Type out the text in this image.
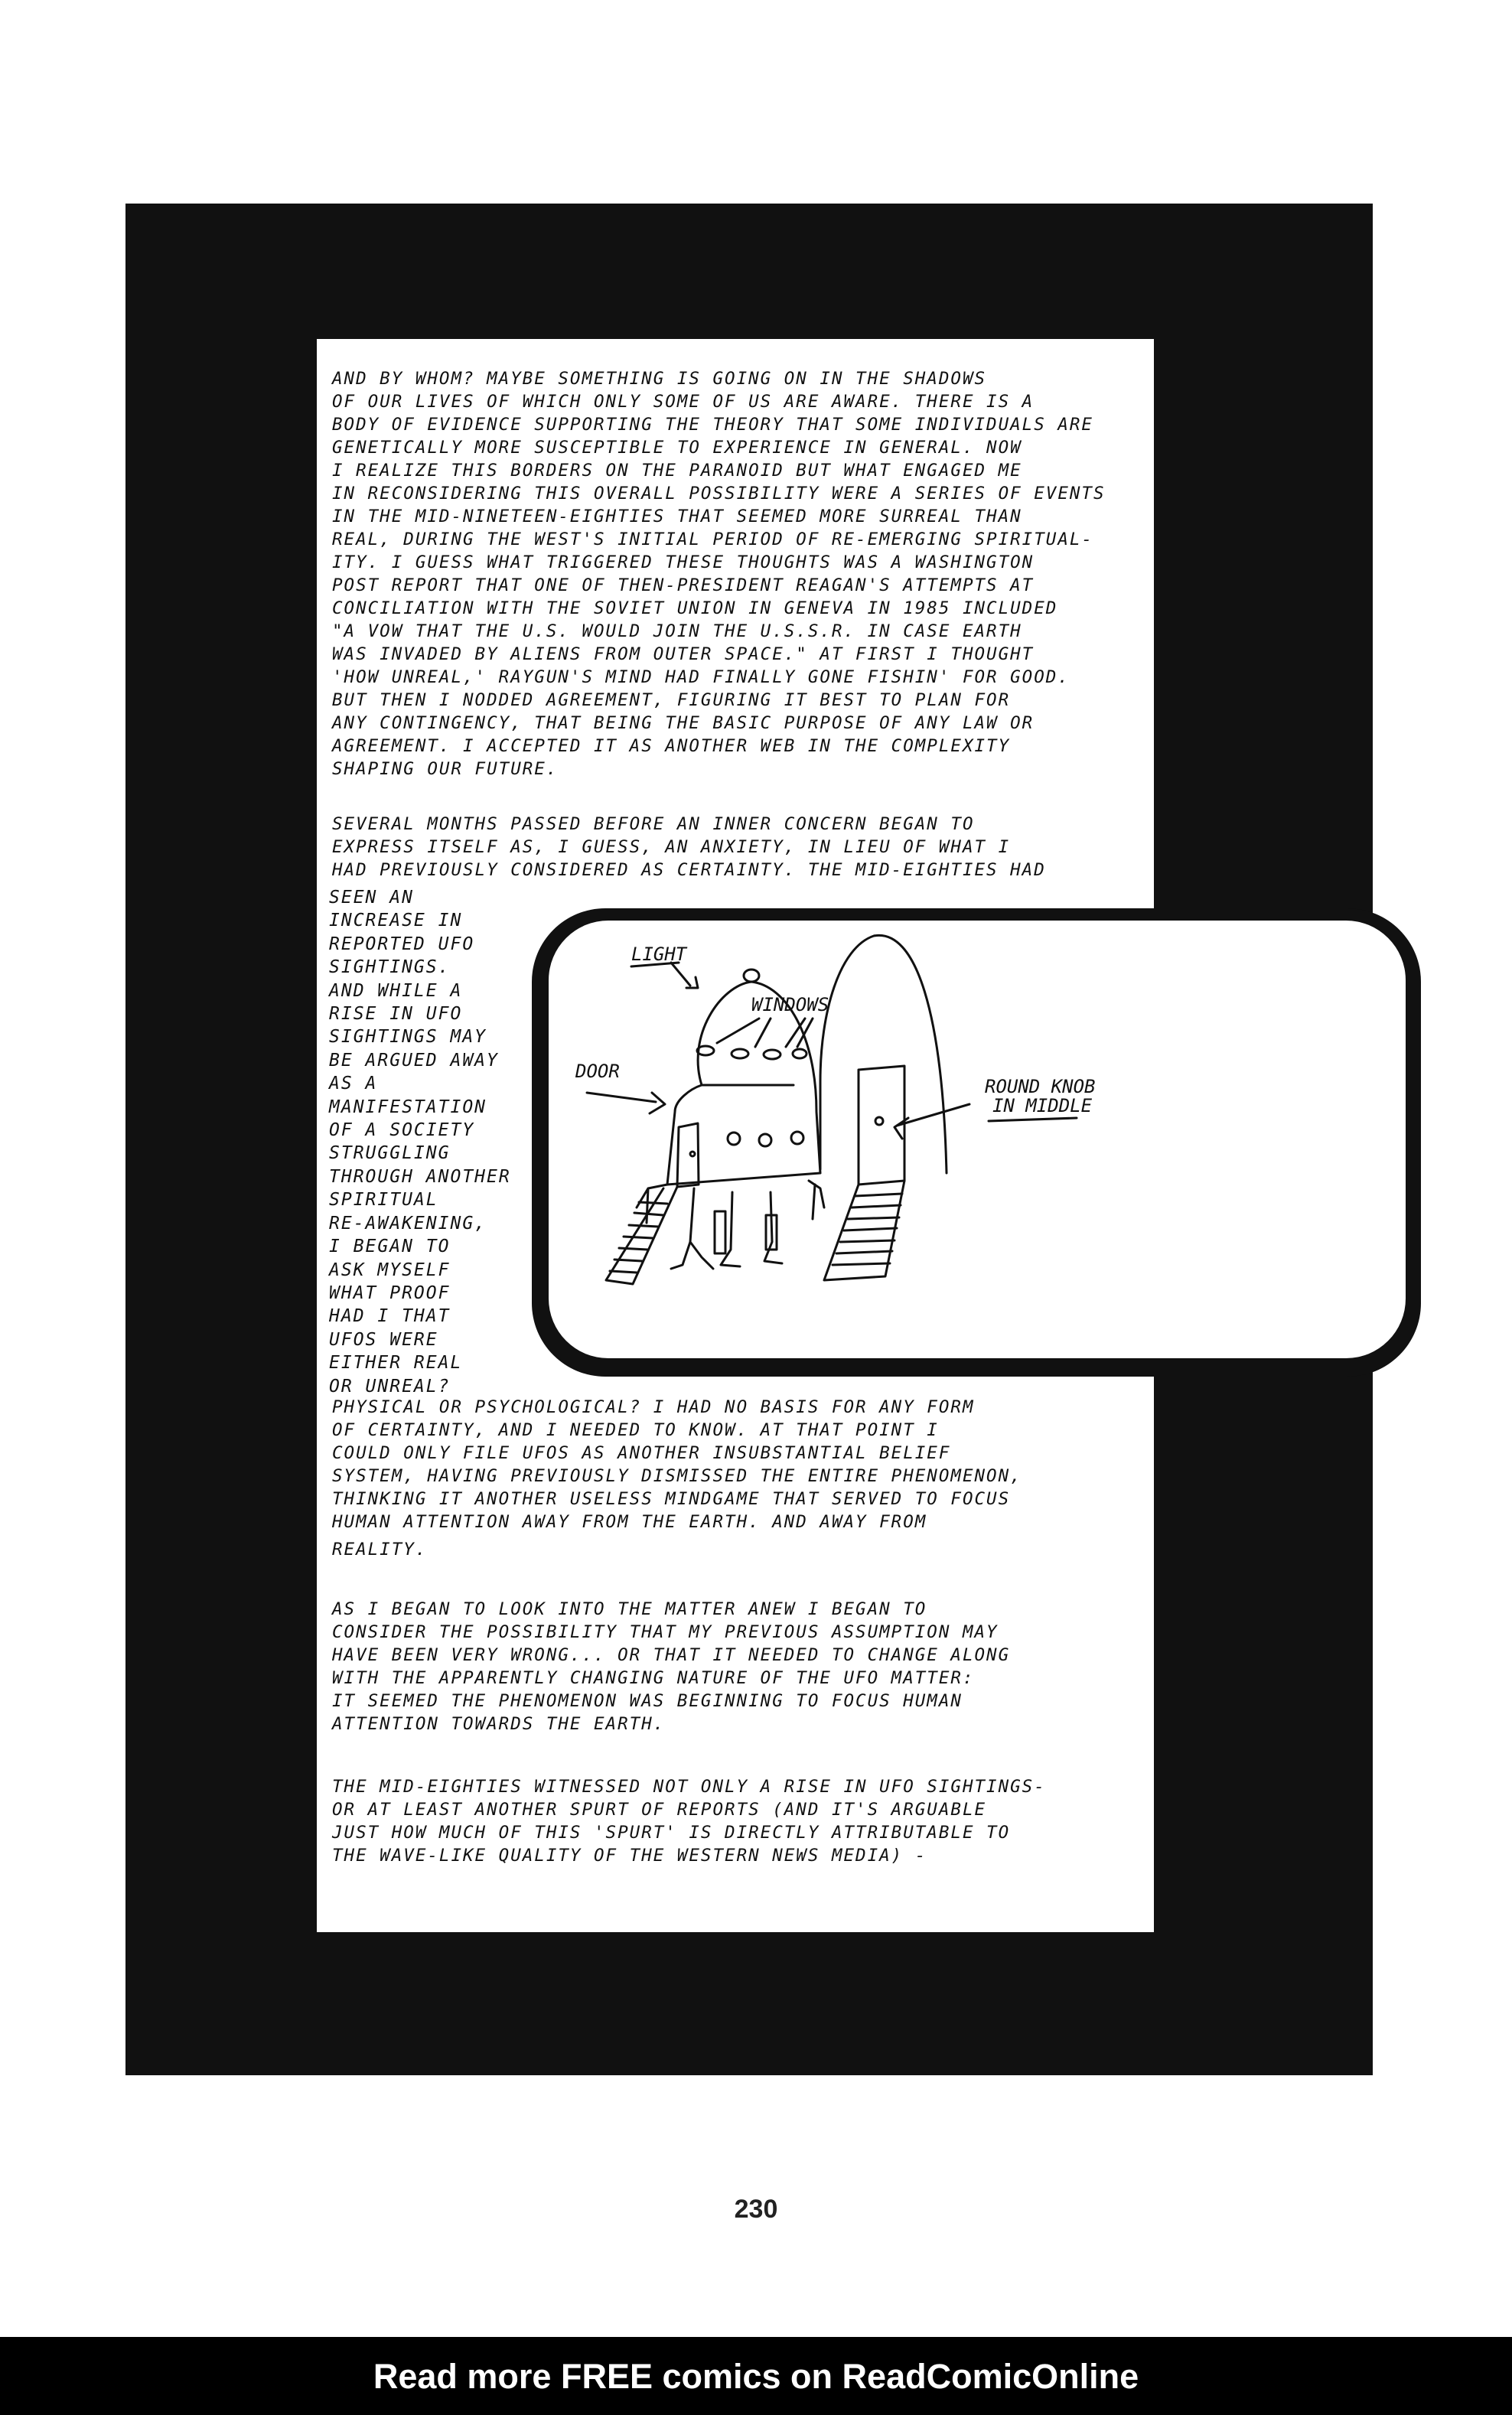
AND BY WHOM? MAYBE SOMETHING IS GOING ON IN THE SHADOWS

OF OUR LIVES OF WHICH ONLY SOME OF US ARE AWARE. THERE IS A

BODY OF EVIDENCE SUPPORTING THE THEORY THAT SOME INDIVIDUALS ARE

GENETICALLY MORE SUSCEPTIBLE TO EXPERIENCE IN GENERAL. NOW

I REALIZE THIS BORDERS ON THE PARANOID BUT WHAT ENGAGED ME

IN RECONSIDERING THIS OVERALL POSSIBILITY WERE A SERIES OF EVENTS

IN THE MID-NINETEEN-EIGHTIES THAT SEEMED MORE SURREAL THAN

REAL, DURING THE WEST'S INITIAL PERIOD OF RE-EMERGING SPIRITUAL-

ITY. I GUESS WHAT TRIGGERED THESE THOUGHTS WAS A WASHINGTON

POST REPORT THAT ONE OF THEN-PRESIDENT REAGAN'S ATTEMPTS AT

CONCILIATION WITH THE SOVIET UNION IN GENEVA IN 1985 INCLUDED

"A VOW THAT THE U.S. WOULD JOIN THE U.S.S.R. IN CASE EARTH

WAS INVADED BY ALIENS FROM OUTER SPACE." AT FIRST I THOUGHT

'HOW UNREAL,' RAYGUN'S MIND HAD FINALLY GONE FISHIN' FOR GOOD.

BUT THEN I NODDED AGREEMENT, FIGURING IT BEST TO PLAN FOR

ANY CONTINGENCY, THAT BEING THE BASIC PURPOSE OF ANY LAW OR

AGREEMENT. I ACCEPTED IT AS ANOTHER WEB IN THE COMPLEXITY

SHAPING OUR FUTURE.

SEVERAL MONTHS PASSED BEFORE AN INNER CONCERN BEGAN TO

EXPRESS ITSELF AS, I GUESS, AN ANXIETY, IN LIEU OF WHAT I

HAD PREVIOUSLY CONSIDERED AS CERTAINTY. THE MID-EIGHTIES HAD

SEEN AN
INCREASE IN
REPORTED UFO
SIGHTINGS.
AND WHILE A
RISE IN UFO
SIGHTINGS MAY
BE ARGUED AWAY
AS A
MANIFESTATION
OF A SOCIETY
STRUGGLING
THROUGH ANOTHER
SPIRITUAL
RE-AWAKENING,
I BEGAN TO
ASK MYSELF
WHAT PROOF
HAD I THAT
UFOS WERE
EITHER REAL
OR UNREAL?
LIGHT
WINDOWS
DOOR
ROUND KNOB
IN MIDDLE

PHYSICAL OR PSYCHOLOGICAL? I HAD NO BASIS FOR ANY FORM

OF CERTAINTY, AND I NEEDED TO KNOW. AT THAT POINT I

COULD ONLY FILE UFOS AS ANOTHER INSUBSTANTIAL BELIEF

SYSTEM, HAVING PREVIOUSLY DISMISSED THE ENTIRE PHENOMENON,

THINKING IT ANOTHER USELESS MINDGAME THAT SERVED TO FOCUS

HUMAN ATTENTION AWAY FROM THE EARTH. AND AWAY FROM

REALITY.

AS I BEGAN TO LOOK INTO THE MATTER ANEW I BEGAN TO

CONSIDER THE POSSIBILITY THAT MY PREVIOUS ASSUMPTION MAY

HAVE BEEN VERY WRONG... OR THAT IT NEEDED TO CHANGE ALONG

WITH THE APPARENTLY CHANGING NATURE OF THE UFO MATTER:

IT SEEMED THE PHENOMENON WAS BEGINNING TO FOCUS HUMAN

ATTENTION TOWARDS THE EARTH.

THE MID-EIGHTIES WITNESSED NOT ONLY A RISE IN UFO SIGHTINGS-

OR AT LEAST ANOTHER SPURT OF REPORTS (AND IT'S ARGUABLE

JUST HOW MUCH OF THIS 'SPURT' IS DIRECTLY ATTRIBUTABLE TO

THE WAVE-LIKE QUALITY OF THE WESTERN NEWS MEDIA) -

230
Read more FREE comics on ReadComicOnline
